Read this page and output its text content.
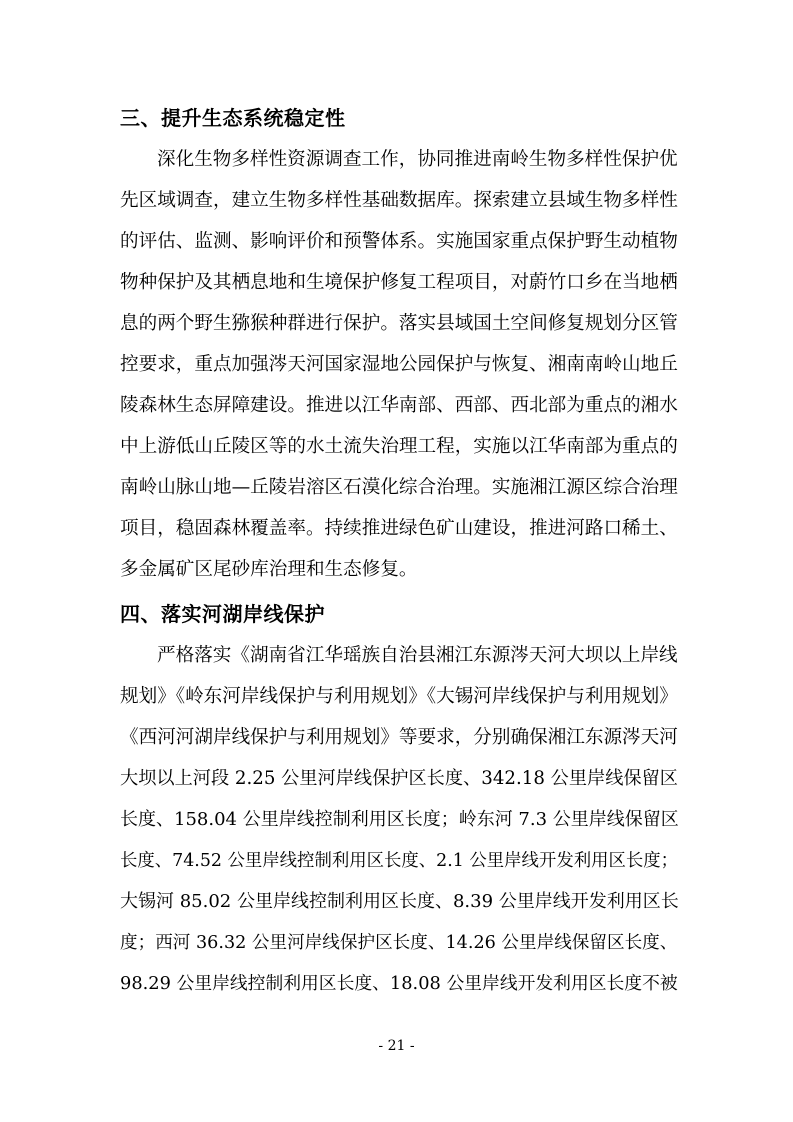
三、提升生态系统稳定性
深化生物多样性资源调查工作，协同推进南岭生物多样性保护优
先区域调查，建立生物多样性基础数据库。探索建立县域生物多样性
的评估、监测、影响评价和预警体系。实施国家重点保护野生动植物
物种保护及其栖息地和生境保护修复工程项目，对蔚竹口乡在当地栖
息的两个野生猕猴种群进行保护。落实县域国土空间修复规划分区管
控要求，重点加强涔天河国家湿地公园保护与恢复、湘南南岭山地丘
陵森林生态屏障建设。推进以江华南部、西部、西北部为重点的湘水
中上游低山丘陵区等的水土流失治理工程，实施以江华南部为重点的
南岭山脉山地—丘陵岩溶区石漠化综合治理。实施湘江源区综合治理
项目，稳固森林覆盖率。持续推进绿色矿山建设，推进河路口稀土、
多金属矿区尾砂库治理和生态修复。
四、落实河湖岸线保护
严格落实《湖南省江华瑶族自治县湘江东源涔天河大坝以上岸线
规划》《岭东河岸线保护与利用规划》《大锡河岸线保护与利用规划》
《西河河湖岸线保护与利用规划》等要求，分别确保湘江东源涔天河
大坝以上河段 2.25 公里河岸线保护区长度、342.18 公里岸线保留区
长度、158.04 公里岸线控制利用区长度；岭东河 7.3 公里岸线保留区
长度、74.52 公里岸线控制利用区长度、2.1 公里岸线开发利用区长度；
大锡河 85.02 公里岸线控制利用区长度、8.39 公里岸线开发利用区长
度；西河 36.32 公里河岸线保护区长度、14.26 公里岸线保留区长度、
98.29 公里岸线控制利用区长度、18.08 公里岸线开发利用区长度不被
- 21 -
